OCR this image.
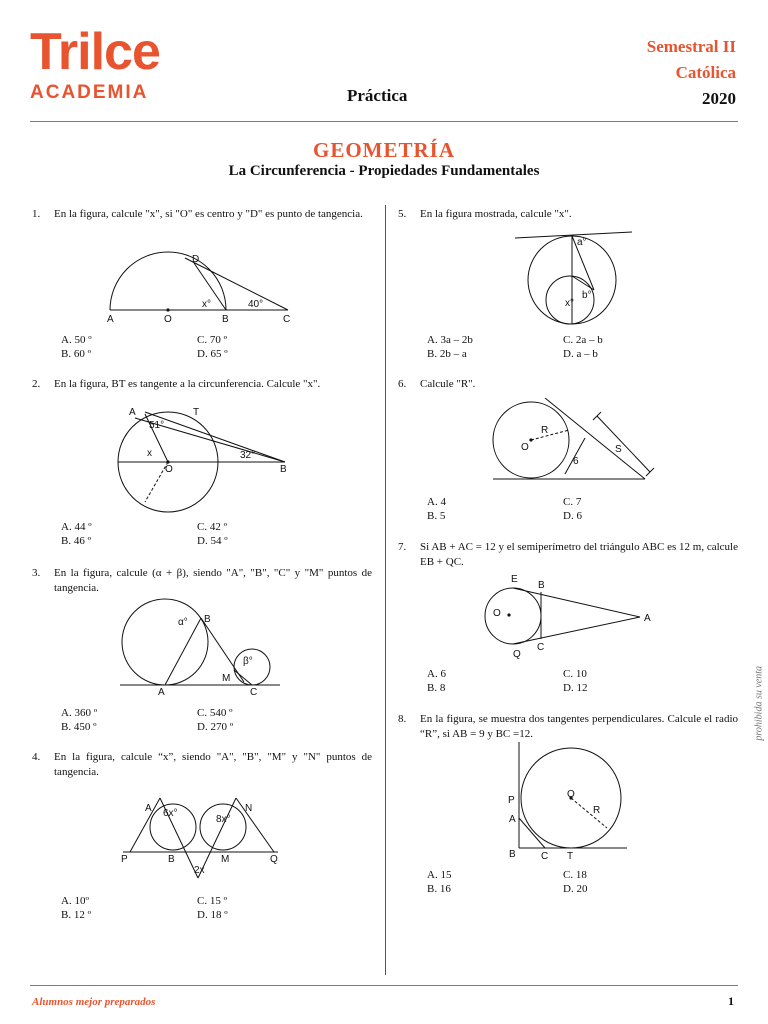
Trilce
ACADEMIA
Semestral II
Católica
2020
Práctica
GEOMETRÍA
La Circunferencia - Propiedades Fundamentales
1. En la figura, calcule "x", si "O" es centro y "D" es punto de tangencia.
D
A	O	B	C
x°	40°
A. 50 º
B. 60 º
C. 70 º
D. 65 º
2. En la figura, BT es tangente a la circunferencia. Calcule "x".
A	T
51°
x
O
32°
B
A. 44 º
B. 46 º
C. 42 º
D. 54 º
3. En la figura, calcule (α + β), siendo "A", "B", "C" y "M" puntos de tangencia.
α° B
β°
M
A	C
A. 360 º
B. 450 º
C. 540 º
D. 270 º
4. En la figura, calcule “x”, siendo "A", "B", "M" y "N" puntos de tangencia.
A 6x°
8x°
N
P	B	M	Q
2x
A. 10º
B. 12 º
C. 15 º
D. 18 º
5. En la figura mostrada, calcule "x".
a°
b°
x°
A. 3a – 2b
B. 2b – a
C. 2a – b
D. a – b
6. Calcule "R".
R
O
6
S
A. 4
B. 5
C. 7
D. 6
7. Si AB + AC = 12 y el semiperímetro del triángulo ABC es 12 m, calcule EB + QC.
E
B
O	A
Q
C
A. 6
B. 8
C. 10
D. 12
8. En la figura, se muestra dos tangentes perpendiculares. Calcule el radio “R”, si AB = 9 y BC =12.
P
O
R
A
B	C T
A. 15
B. 16
C. 18
D. 20
prohibida su venta
Alumnos mejor preparados	1
